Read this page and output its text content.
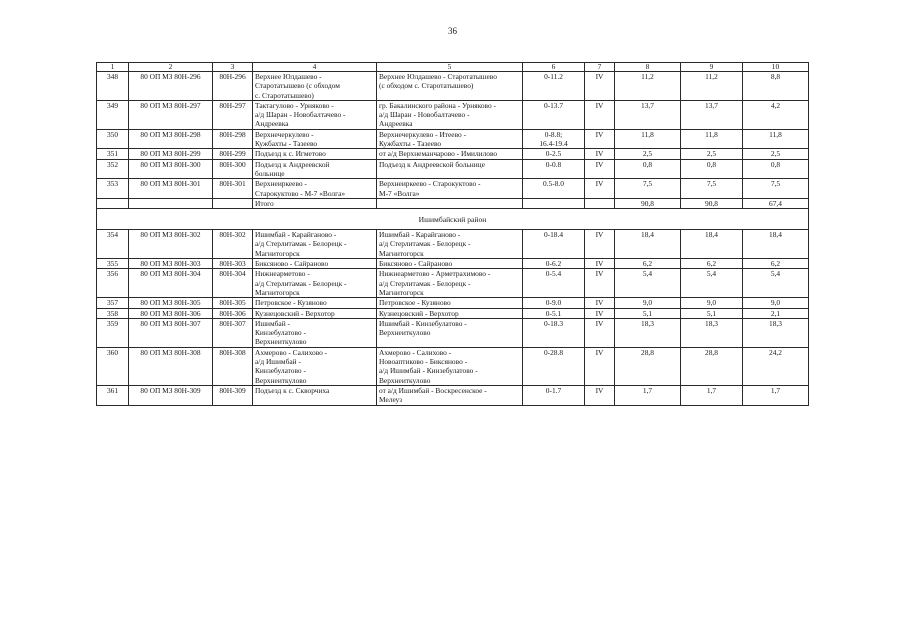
36
1	2	3	4	5	6	7	8	9	10
348	80 ОП МЗ 80Н-296	80Н-296	Верхнее Юлдашево -
Старотатышево (с обходом
с. Старотатышево)	Верхнее Юлдашево - Старотатышево
(с обходом с. Старотатышево)	0-11.2	IV	11,2	11,2	8,8
349	80 ОП МЗ 80Н-297	80Н-297	Тактагулово - Урняково -
а/д Шаран - Новобалтачево -
Андреевка	гр. Бакалинского района - Урняково -
а/д Шаран - Новобалтачево -
Андреевка	0-13.7	IV	13,7	13,7	4,2
350	80 ОП МЗ 80Н-298	80Н-298	Верхнечеркулево -
Кужбахты - Тазеево	Верхнечеркулево - Итеево -
Кужбахты - Тазеево	0-8.8;
16.4-19.4	IV	11,8	11,8	11,8
351	80 ОП МЗ 80Н-299	80Н-299	Подъезд к с. Игметово	от а/д Верхнеманчарово - Имилилово	0-2.5	IV	2,5	2,5	2,5
352	80 ОП МЗ 80Н-300	80Н-300	Подъезд к Андреевской
больнице	Подъезд к Андреевской больнице	0-0.8	IV	0,8	0,8	0,8
353	80 ОП МЗ 80Н-301	80Н-301	Верхнеиркеево -
Старокуктово - М-7 «Волга»	Верхнеиркеево - Старокуктово -
М-7 «Волга»	0.5-8.0	IV	7,5	7,5	7,5
			Итого				90,8	90,8	67,4
Ишимбайский район									
354	80 ОП МЗ 80Н-302	80Н-302	Ишимбай - Карайганово -
а/д Стерлитамак - Белорецк -
Магнитогорск	Ишимбай - Карайганово -
а/д Стерлитамак - Белорецк -
Магнитогорск	0-18.4	IV	18,4	18,4	18,4
355	80 ОП МЗ 80Н-303	80Н-303	Биксяново - Сайраново	Биксяново - Сайраново	0-6.2	IV	6,2	6,2	6,2
356	80 ОП МЗ 80Н-304	80Н-304	Нижнеарметово -
а/д Стерлитамак - Белорецк -
Магнитогорск	Нижнеарметово - Арметрахимово -
а/д Стерлитамак - Белорецк -
Магнитогорск	0-5.4	IV	5,4	5,4	5,4
357	80 ОП МЗ 80Н-305	80Н-305	Петровское - Кузяново	Петровское - Кузяново	0-9.0	IV	9,0	9,0	9,0
358	80 ОП МЗ 80Н-306	80Н-306	Кузнецовский - Верхотор	Кузнецовский - Верхотор	0-5.1	IV	5,1	5,1	2,1
359	80 ОП МЗ 80Н-307	80Н-307	Ишимбай -
Кинзебулатово -
Верхнеиткулово	Ишимбай - Кинзебулатово -
Верхнеиткулово	0-18.3	IV	18,3	18,3	18,3
360	80 ОП МЗ 80Н-308	80Н-308	Ахмерово - Салихово -
а/д Ишимбай -
Кинзебулатово -
Верхнеиткулово	Ахмерово - Салихово -
Новоаптиково - Биксяново -
а/д Ишимбай - Кинзебулатово -
Верхнеиткулово	0-28.8	IV	28,8	28,8	24,2
361	80 ОП МЗ 80Н-309	80Н-309	Подъезд к с. Скворчиха	от а/д Ишимбай - Воскресенское -
Мелеуз	0-1.7	IV	1,7	1,7	1,7
